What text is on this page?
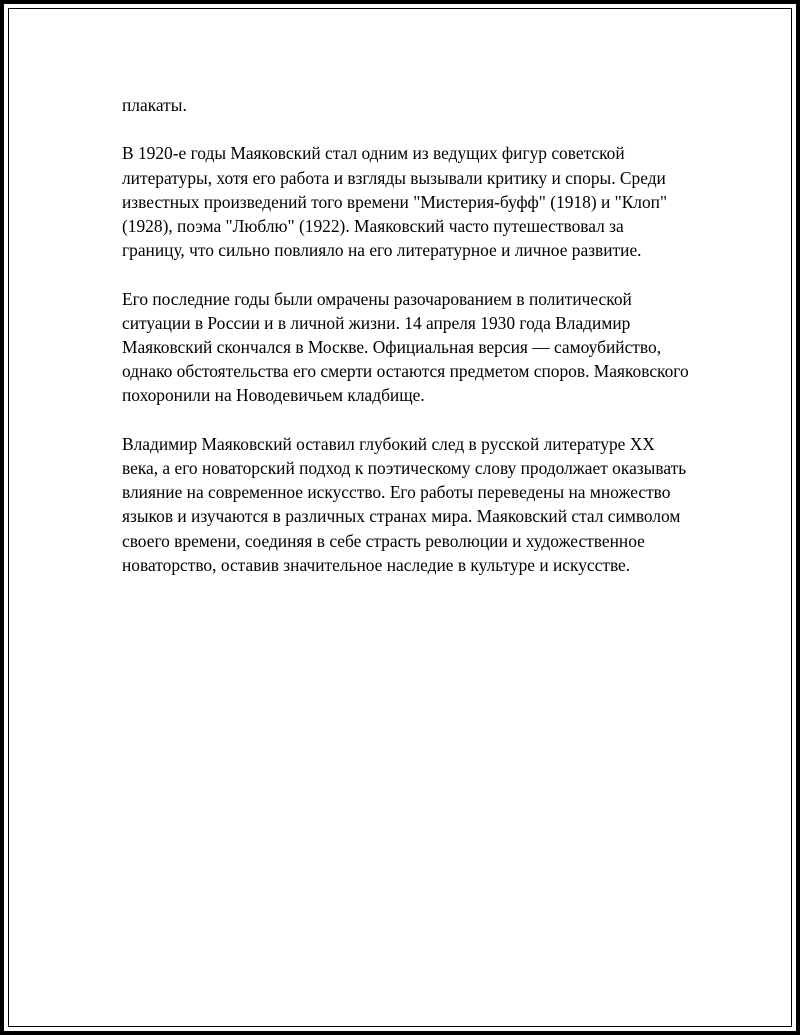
плакаты.

В 1920-е годы Маяковский стал одним из ведущих фигур советской литературы, хотя его работа и взгляды вызывали критику и споры. Среди известных произведений того времени "Мистерия-буфф" (1918) и "Клоп" (1928), поэма "Люблю" (1922). Маяковский часто путешествовал за границу, что сильно повлияло на его литературное и личное развитие.

Его последние годы были омрачены разочарованием в политической ситуации в России и в личной жизни. 14 апреля 1930 года Владимир Маяковский скончался в Москве. Официальная версия — самоубийство, однако обстоятельства его смерти остаются предметом споров. Маяковского похоронили на Новодевичьем кладбище.

Владимир Маяковский оставил глубокий след в русской литературе XX века, а его новаторский подход к поэтическому слову продолжает оказывать влияние на современное искусство. Его работы переведены на множество языков и изучаются в различных странах мира. Маяковский стал символом своего времени, соединяя в себе страсть революции и художественное новаторство, оставив значительное наследие в культуре и искусстве.
